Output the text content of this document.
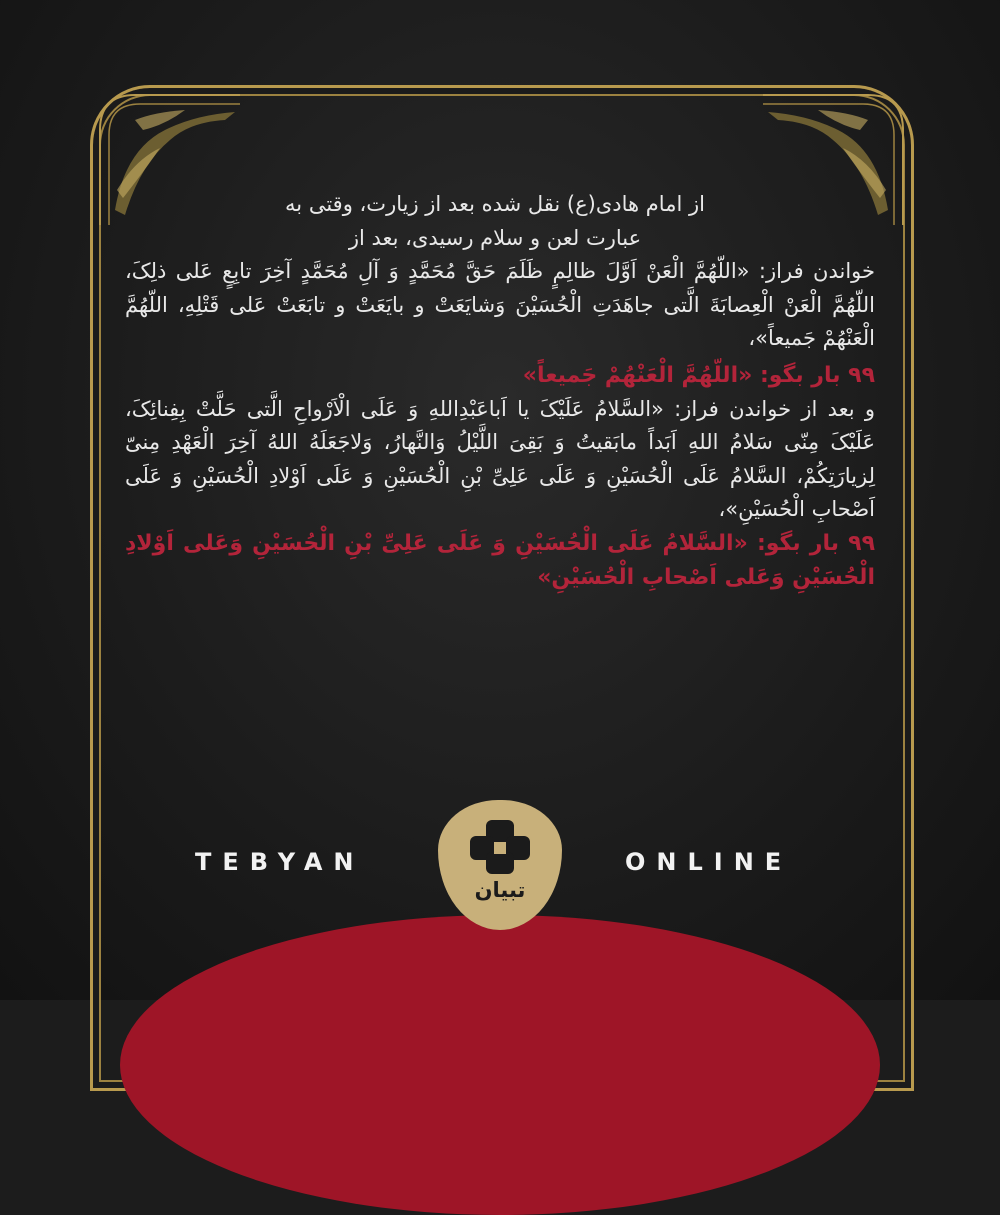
از امام هادی(ع) نقل شده بعد از زیارت، وقتی به عبارت لعن و سلام رسیدی، بعد از

خواندن فراز: «اللّهُمَّ الْعَنْ اَوَّلَ ظالِمٍ ظَلَمَ حَقَّ مُحَمَّدٍ وَ آلِ مُحَمَّدٍ آخِرَ تابِعٍ عَلی ذلِکَ، اللّهُمَّ الْعَنْ الْعِصابَةَ الَّتی جاهَدَتِ الْحُسَیْنَ وَشایَعَتْ و بایَعَتْ و تابَعَتْ عَلی قَتْلِهِ، اللّهُمَّ الْعَنْهُمْ جَمیعاً»،

۹۹ بار بگو: «اللّهُمَّ الْعَنْهُمْ جَمیعاً»

و بعد از خواندن فراز: «السَّلامُ عَلَیْکَ یا اَباعَبْدِاللهِ وَ عَلَی الْاَرْواحِ الَّتی حَلَّتْ بِفِنائِکَ، عَلَیْکَ مِنّی سَلامُ اللهِ اَبَداً مابَقیتُ وَ بَقِیَ اللَّیْلُ وَالنَّهارُ، وَلاجَعَلَهُ اللهُ آخِرَ الْعَهْدِ مِنیّ لِزیارَتِکُمْ، السَّلامُ عَلَی الْحُسَیْنِ وَ عَلَی عَلِیِّ بْنِ الْحُسَیْنِ وَ عَلَی اَوْلادِ الْحُسَیْنِ وَ عَلَی اَصْحابِ الْحُسَیْنِ»،

۹۹ بار بگو: «السَّلامُ عَلَی الْحُسَیْنِ وَ عَلَی عَلِیِّ بْنِ الْحُسَیْنِ وَعَلی اَوْلادِ الْحُسَیْنِ وَعَلی اَصْحابِ الْحُسَیْنِ»

TEBYAN	ONLINE
تبیان
